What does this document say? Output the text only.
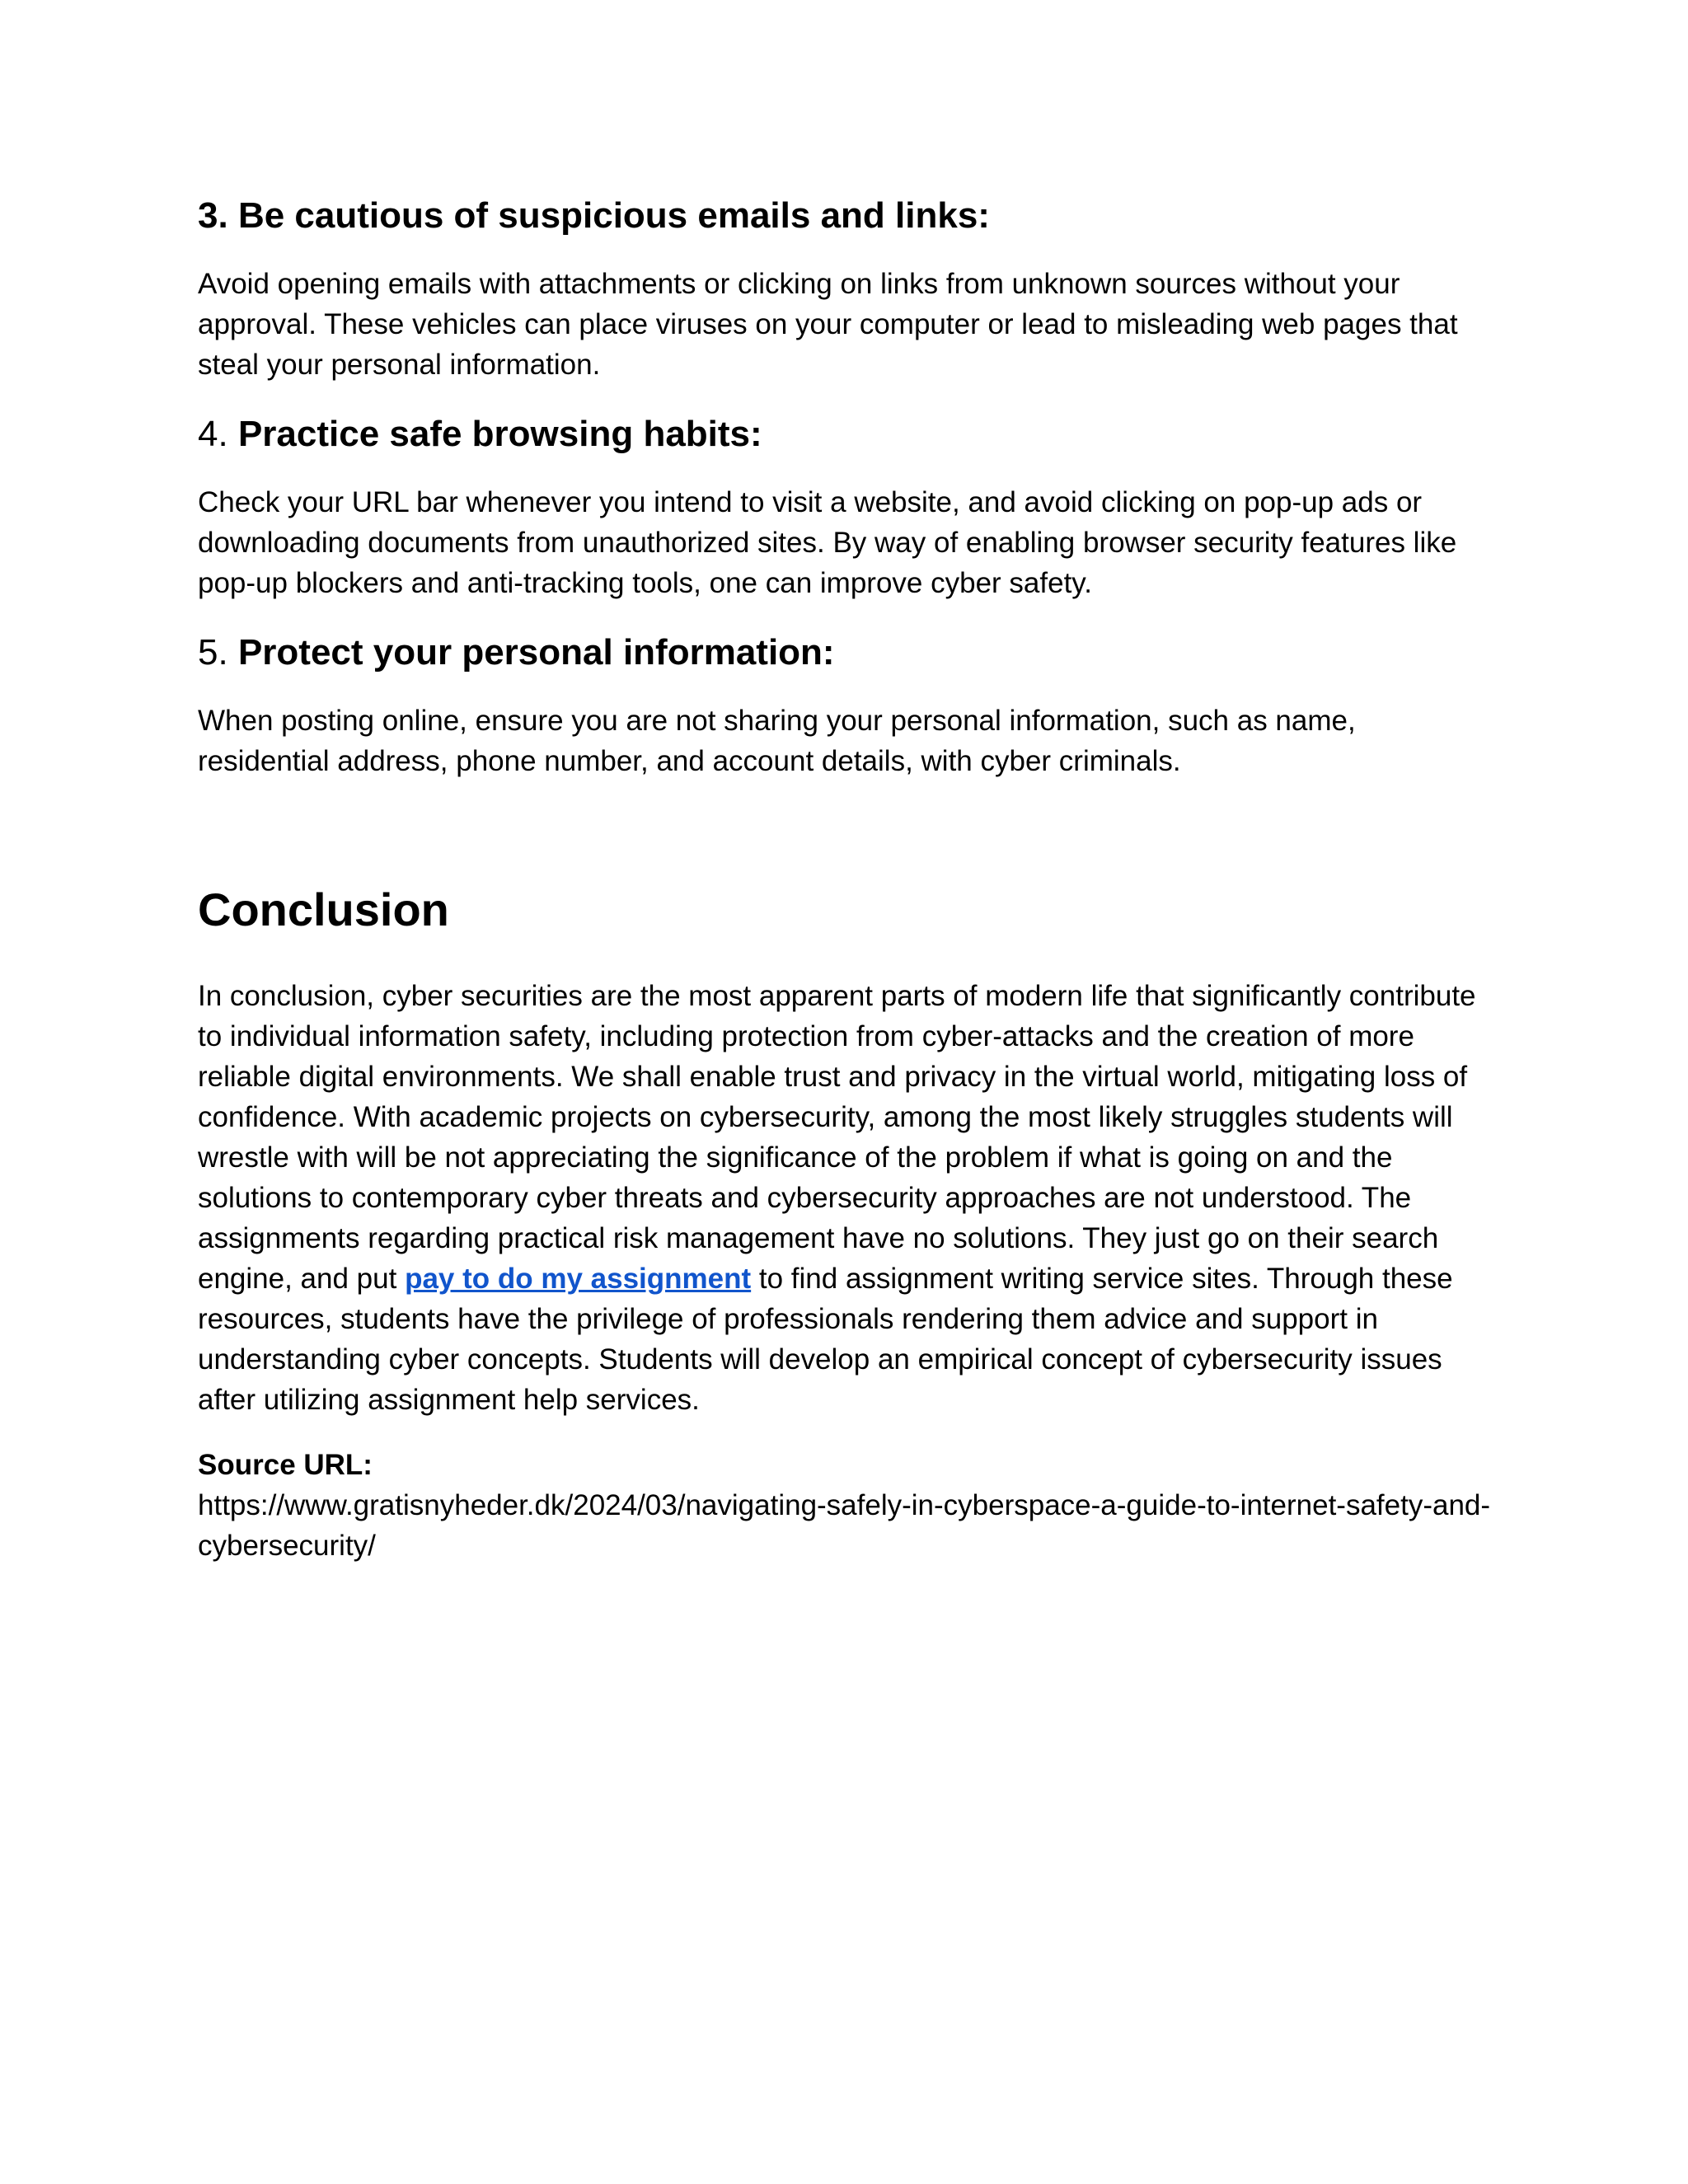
3. Be cautious of suspicious emails and links:

Avoid opening emails with attachments or clicking on links from unknown sources without your approval. These vehicles can place viruses on your computer or lead to misleading web pages that steal your personal information.

4. Practice safe browsing habits:

Check your URL bar whenever you intend to visit a website, and avoid clicking on pop-up ads or downloading documents from unauthorized sites. By way of enabling browser security features like pop-up blockers and anti-tracking tools, one can improve cyber safety.

5. Protect your personal information:

When posting online, ensure you are not sharing your personal information, such as name, residential address, phone number, and account details, with cyber criminals.

Conclusion

In conclusion, cyber securities are the most apparent parts of modern life that significantly contribute to individual information safety, including protection from cyber-attacks and the creation of more reliable digital environments. We shall enable trust and privacy in the virtual world, mitigating loss of confidence. With academic projects on cybersecurity, among the most likely struggles students will wrestle with will be not appreciating the significance of the problem if what is going on and the solutions to contemporary cyber threats and cybersecurity approaches are not understood. The assignments regarding practical risk management have no solutions. They just go on their search engine, and put pay to do my assignment to find assignment writing service sites. Through these resources, students have the privilege of professionals rendering them advice and support in understanding cyber concepts. Students will develop an empirical concept of cybersecurity issues after utilizing assignment help services.

Source URL:

https://www.gratisnyheder.dk/2024/03/navigating-safely-in-cyberspace-a-guide-to-internet-safety-and-cybersecurity/
